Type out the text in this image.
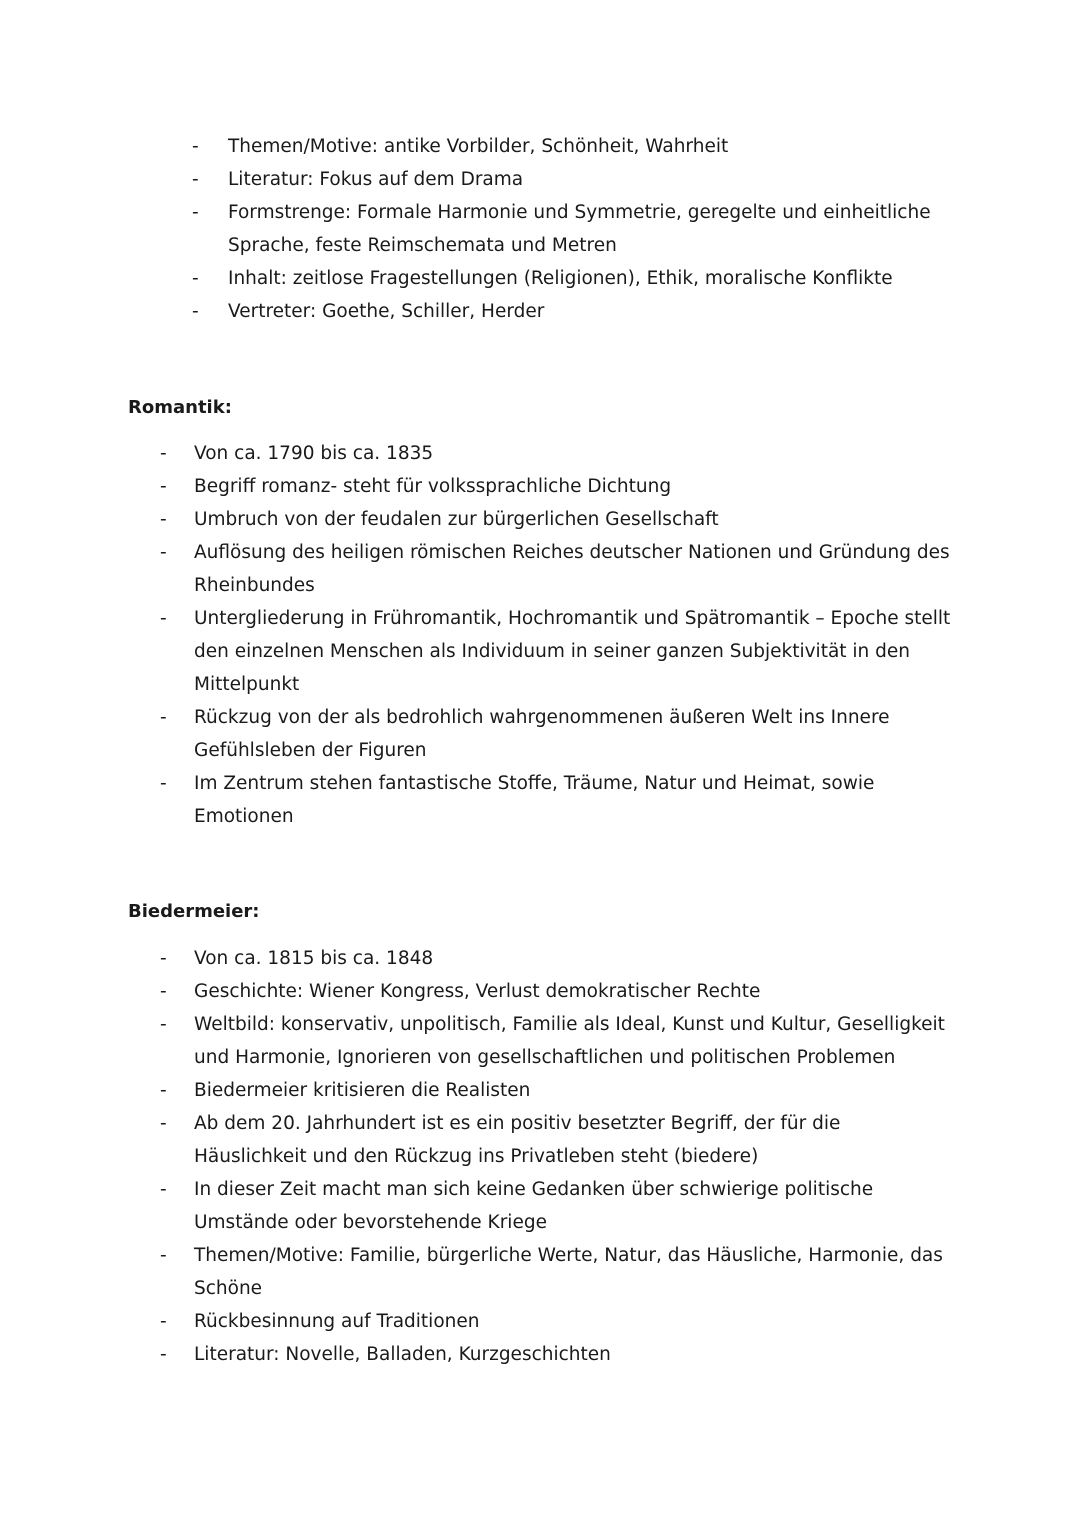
- Themen/Motive: antike Vorbilder, Schönheit, Wahrheit
- Literatur: Fokus auf dem Drama
- Formstrenge: Formale Harmonie und Symmetrie, geregelte und einheitliche Sprache, feste Reimschemata und Metren
- Inhalt: zeitlose Fragestellungen (Religionen), Ethik, moralische Konflikte
- Vertreter: Goethe, Schiller, Herder
Romantik:
- Von ca. 1790 bis ca. 1835
- Begriff romanz- steht für volkssprachliche Dichtung
- Umbruch von der feudalen zur bürgerlichen Gesellschaft
- Auflösung des heiligen römischen Reiches deutscher Nationen und Gründung des Rheinbundes
- Untergliederung in Frühromantik, Hochromantik und Spätromantik – Epoche stellt den einzelnen Menschen als Individuum in seiner ganzen Subjektivität in den Mittelpunkt
- Rückzug von der als bedrohlich wahrgenommenen äußeren Welt ins Innere Gefühlsleben der Figuren
- Im Zentrum stehen fantastische Stoffe, Träume, Natur und Heimat, sowie Emotionen
Biedermeier:
- Von ca. 1815 bis ca. 1848
- Geschichte: Wiener Kongress, Verlust demokratischer Rechte
- Weltbild: konservativ, unpolitisch, Familie als Ideal, Kunst und Kultur, Geselligkeit und Harmonie, Ignorieren von gesellschaftlichen und politischen Problemen
- Biedermeier kritisieren die Realisten
- Ab dem 20. Jahrhundert ist es ein positiv besetzter Begriff, der für die Häuslichkeit und den Rückzug ins Privatleben steht (biedere)
- In dieser Zeit macht man sich keine Gedanken über schwierige politische Umstände oder bevorstehende Kriege
- Themen/Motive: Familie, bürgerliche Werte, Natur, das Häusliche, Harmonie, das Schöne
- Rückbesinnung auf Traditionen
- Literatur: Novelle, Balladen, Kurzgeschichten
